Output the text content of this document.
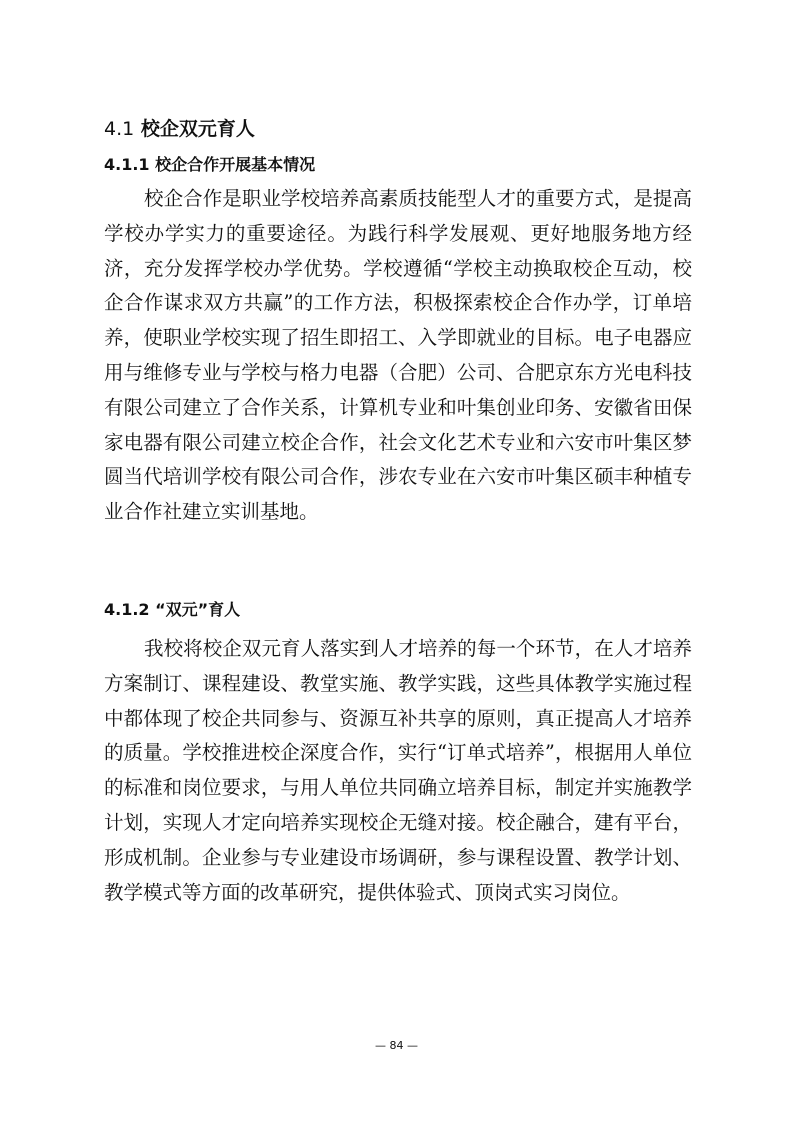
4.1 校企双元育人
4.1.1 校企合作开展基本情况

校企合作是职业学校培养高素质技能型人才的重要方式，是提高学校办学实力的重要途径。为践行科学发展观、更好地服务地方经济，充分发挥学校办学优势。学校遵循“学校主动换取校企互动，校企合作谋求双方共赢”的工作方法，积极探索校企合作办学，订单培养，使职业学校实现了招生即招工、入学即就业的目标。电子电器应用与维修专业与学校与格力电器（合肥）公司、合肥京东方光电科技有限公司建立了合作关系，计算机专业和叶集创业印务、安徽省田保家电器有限公司建立校企合作，社会文化艺术专业和六安市叶集区梦圆当代培训学校有限公司合作，涉农专业在六安市叶集区硕丰种植专业合作社建立实训基地。

4.1.2 “双元”育人

我校将校企双元育人落实到人才培养的每一个环节，在人才培养方案制订、课程建设、教堂实施、教学实践，这些具体教学实施过程中都体现了校企共同参与、资源互补共享的原则，真正提高人才培养的质量。学校推进校企深度合作，实行“订单式培养”，根据用人单位的标准和岗位要求，与用人单位共同确立培养目标，制定并实施教学计划，实现人才定向培养实现校企无缝对接。校企融合，建有平台，形成机制。企业参与专业建设市场调研，参与课程设置、教学计划、教学模式等方面的改革研究，提供体验式、顶岗式实习岗位。

— 84 —
